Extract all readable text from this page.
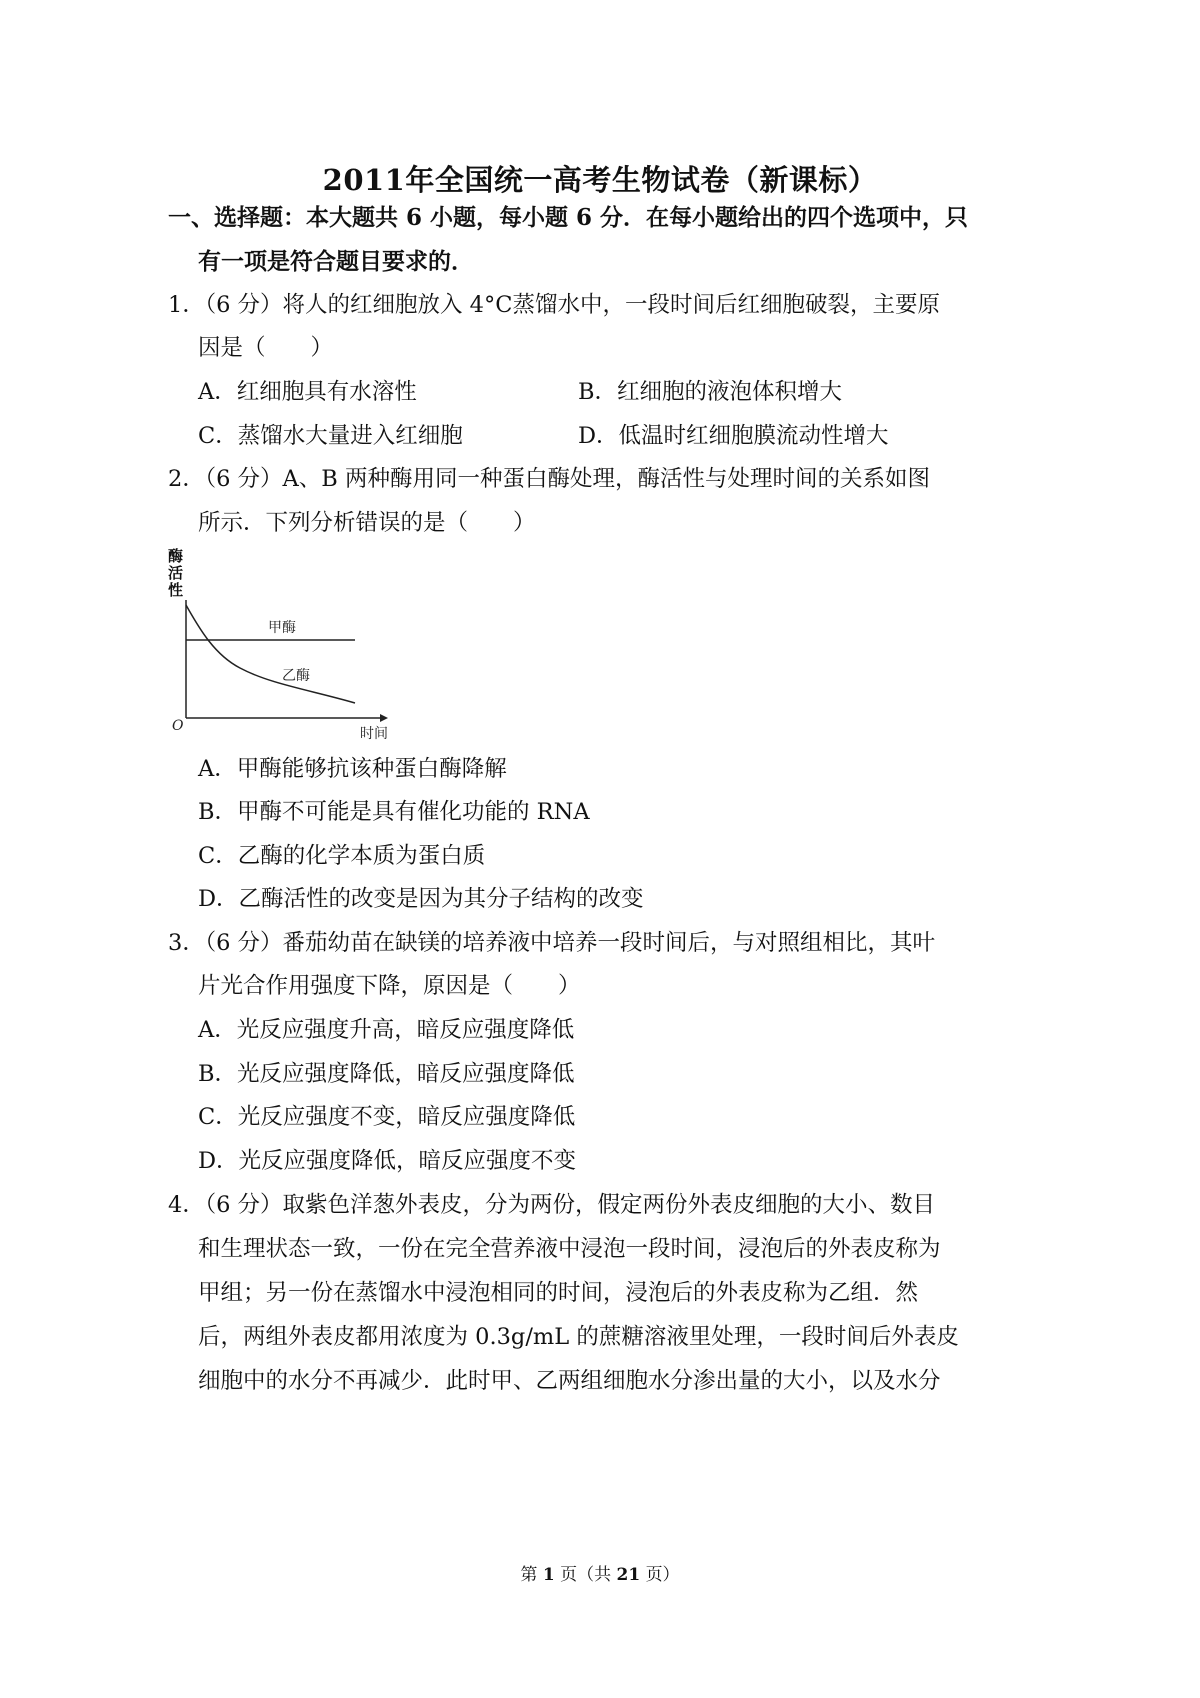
2011年全国统一高考生物试卷（新课标）
一、选择题：本大题共 6 小题，每小题 6 分．在每小题给出的四个选项中，只
有一项是符合题目要求的．
1．（6 分）将人的红细胞放入 4°C蒸馏水中，一段时间后红细胞破裂，主要原
因是（　　）
A．红细胞具有水溶性	B．红细胞的液泡体积增大
C．蒸馏水大量进入红细胞	D．低温时红细胞膜流动性增大
2．（6 分）A、B 两种酶用同一种蛋白酶处理，酶活性与处理时间的关系如图
所示．下列分析错误的是（　　）
甲酶
乙酶
O	时间
酶
活
性
A．甲酶能够抗该种蛋白酶降解
B．甲酶不可能是具有催化功能的 RNA
C．乙酶的化学本质为蛋白质
D．乙酶活性的改变是因为其分子结构的改变
3．（6 分）番茄幼苗在缺镁的培养液中培养一段时间后，与对照组相比，其叶
片光合作用强度下降，原因是（　　）
A．光反应强度升高，暗反应强度降低
B．光反应强度降低，暗反应强度降低
C．光反应强度不变，暗反应强度降低
D．光反应强度降低，暗反应强度不变
4．（6 分）取紫色洋葱外表皮，分为两份，假定两份外表皮细胞的大小、数目
和生理状态一致，一份在完全营养液中浸泡一段时间，浸泡后的外表皮称为
甲组；另一份在蒸馏水中浸泡相同的时间，浸泡后的外表皮称为乙组．然
后，两组外表皮都用浓度为 0.3g/mL 的蔗糖溶液里处理，一段时间后外表皮
细胞中的水分不再减少．此时甲、乙两组细胞水分渗出量的大小，以及水分
第 1 页（共 21 页）
